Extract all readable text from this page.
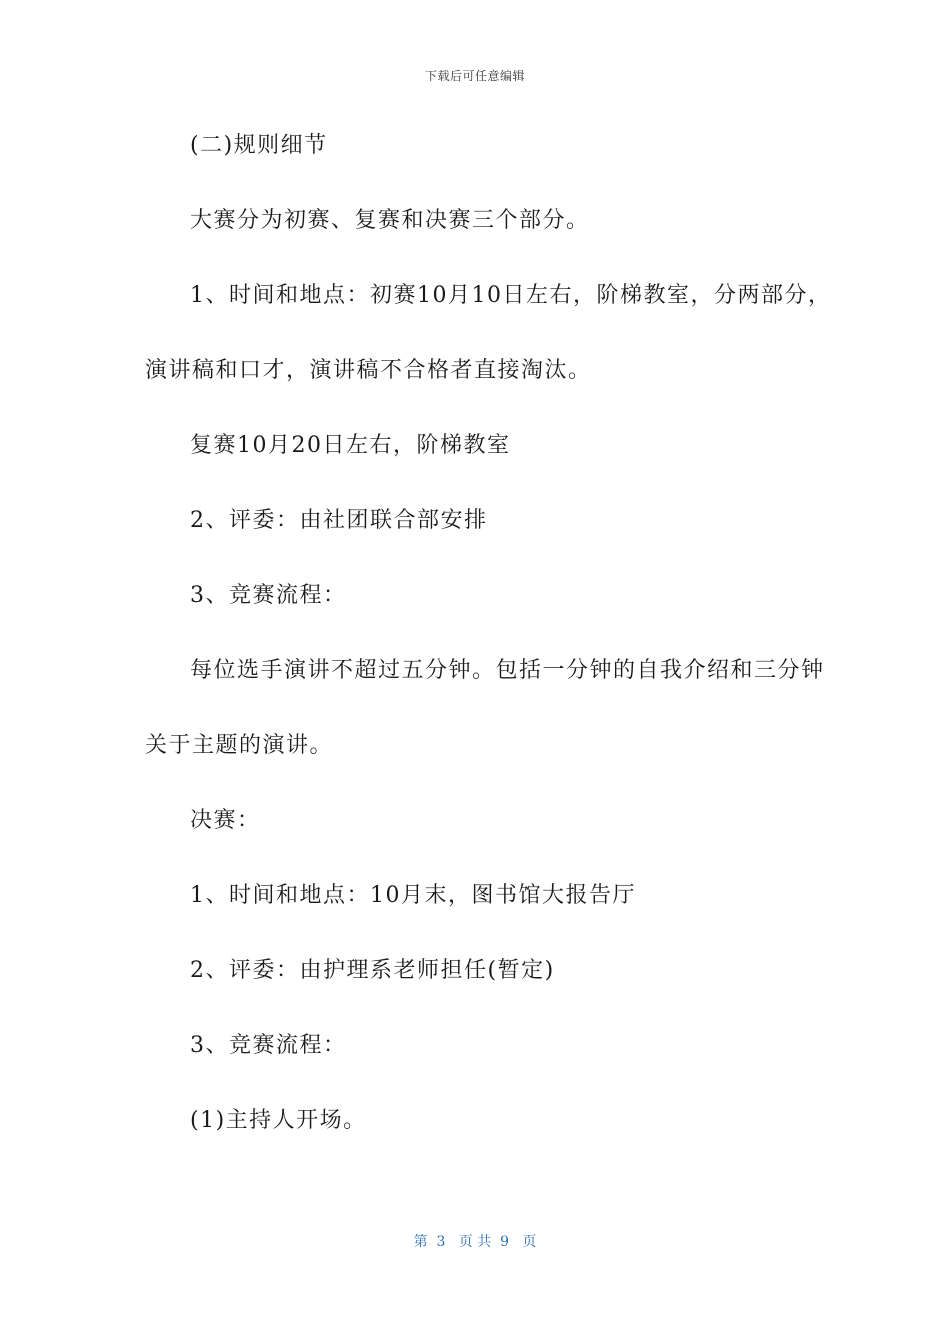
下载后可任意编辑
(二)规则细节
大赛分为初赛、复赛和决赛三个部分。
1、时间和地点：初赛10月10日左右，阶梯教室，分两部分，
演讲稿和口才，演讲稿不合格者直接淘汰。
复赛10月20日左右，阶梯教室
2、评委：由社团联合部安排
3、竞赛流程：
每位选手演讲不超过五分钟。包括一分钟的自我介绍和三分钟
关于主题的演讲。
决赛：
1、时间和地点：10月末，图书馆大报告厅
2、评委：由护理系老师担任(暂定)
3、竞赛流程：
(1)主持人开场。
第  3   页 共  9   页
